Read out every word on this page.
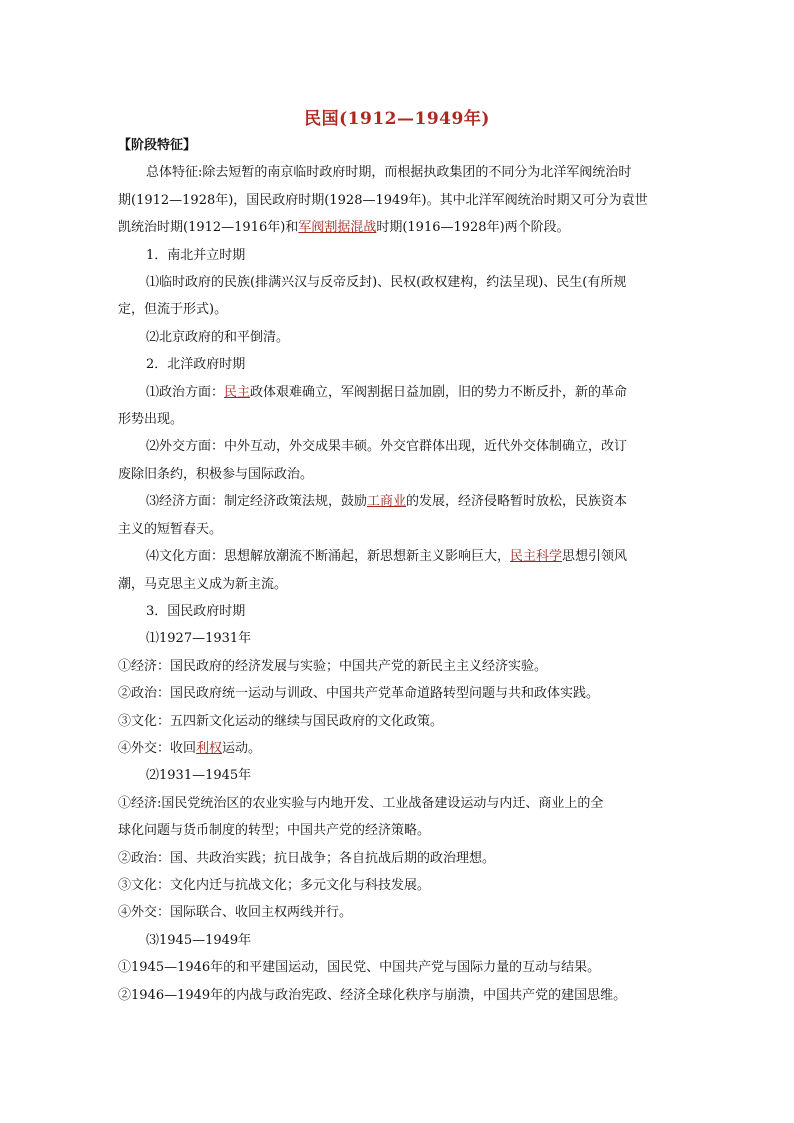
民国(1912—1949年)
【阶段特征】
总体特征:除去短暂的南京临时政府时期，而根据执政集团的不同分为北洋军阀统治时
期(1912—1928年)，国民政府时期(1928—1949年)。其中北洋军阀统治时期又可分为袁世
凯统治时期(1912—1916年)和军阀割据混战时期(1916—1928年)两个阶段。
1．南北并立时期
⑴临时政府的民族(排满兴汉与反帝反封)、民权(政权建构，约法呈现)、民生(有所规
定，但流于形式)。
⑵北京政府的和平倒清。
2．北洋政府时期
⑴政治方面：民主政体艰难确立，军阀割据日益加剧，旧的势力不断反扑，新的革命
形势出现。
⑵外交方面：中外互动，外交成果丰硕。外交官群体出现，近代外交体制确立，改订
废除旧条约，积极参与国际政治。
⑶经济方面：制定经济政策法规，鼓励工商业的发展，经济侵略暂时放松，民族资本
主义的短暂春天。
⑷文化方面：思想解放潮流不断涌起，新思想新主义影响巨大，民主科学思想引领风
潮，马克思主义成为新主流。
3．国民政府时期
⑴1927—1931年
①经济：国民政府的经济发展与实验；中国共产党的新民主主义经济实验。
②政治：国民政府统一运动与训政、中国共产党革命道路转型问题与共和政体实践。
③文化：五四新文化运动的继续与国民政府的文化政策。
④外交：收回利权运动。
⑵1931—1945年
①经济:国民党统治区的农业实验与内地开发、工业战备建设运动与内迁、商业上的全
球化问题与货币制度的转型；中国共产党的经济策略。
②政治：国、共政治实践；抗日战争；各自抗战后期的政治理想。
③文化：文化内迁与抗战文化；多元文化与科技发展。
④外交：国际联合、收回主权两线并行。
⑶1945—1949年
①1945—1946年的和平建国运动，国民党、中国共产党与国际力量的互动与结果。
②1946—1949年的内战与政治宪政、经济全球化秩序与崩溃，中国共产党的建国思维。
